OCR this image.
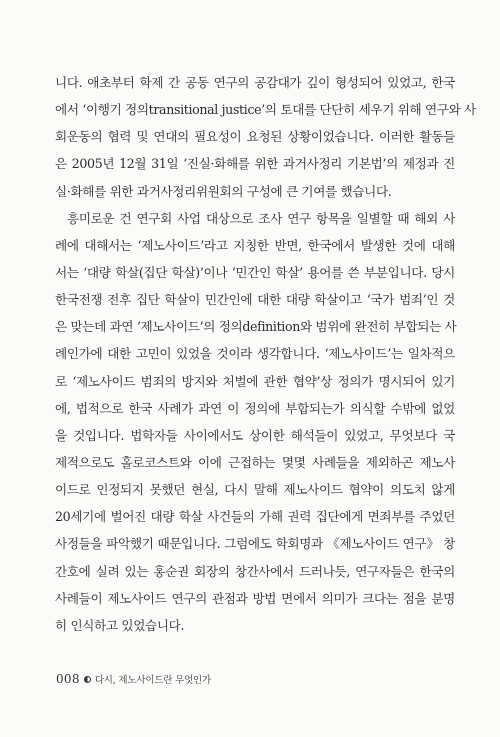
니다. 애초부터 학제 간 공동 연구의 공감대가 깊이 형성되어 있었고, 한국
에서 ‘이행기 정의transitional justice’의 토대를 단단히 세우기 위해 연구와 사
회운동의 협력 및 연대의 필요성이 요청된 상황이었습니다. 이러한 활동들
은 2005년 12월 31일 ‘진실·화해를 위한 과거사정리 기본법’의 제정과 진
실·화해를 위한 과거사정리위원회의 구성에 큰 기여를 했습니다.
흥미로운 건 연구회 사업 대상으로 조사 연구 항목을 일별할 때 해외 사
례에 대해서는 ‘제노사이드’라고 지칭한 반면, 한국에서 발생한 것에 대해
서는 ‘대량 학살(집단 학살)’이나 ‘민간인 학살’ 용어를 쓴 부분입니다. 당시
한국전쟁 전후 집단 학살이 민간인에 대한 대량 학살이고 ‘국가 범죄’인 것
은 맞는데 과연 ‘제노사이드’의 정의definition와 범위에 완전히 부합되는 사
례인가에 대한 고민이 있었을 것이라 생각합니다. ‘제노사이드’는 일차적으
로 ‘제노사이드 범죄의 방지와 처벌에 관한 협약’상 정의가 명시되어 있기
에, 법적으로 한국 사례가 과연 이 정의에 부합되는가 의식할 수밖에 없었
을 것입니다. 법학자들 사이에서도 상이한 해석들이 있었고, 무엇보다 국
제적으로도 홀로코스트와 이에 근접하는 몇몇 사례들을 제외하곤 제노사
이드로 인정되지 못했던 현실, 다시 말해 제노사이드 협약이 의도치 않게
20세기에 벌어진 대량 학살 사건들의 가해 권력 집단에게 면죄부를 주었던
사정들을 파악했기 때문입니다. 그럼에도 학회명과 《제노사이드 연구》 창
간호에 실려 있는 홍순권 회장의 창간사에서 드러나듯, 연구자들은 한국의
사례들이 제노사이드 연구의 관점과 방법 면에서 의미가 크다는 점을 분명
히 인식하고 있었습니다.
008 다시, 제노사이드란 무엇인가
